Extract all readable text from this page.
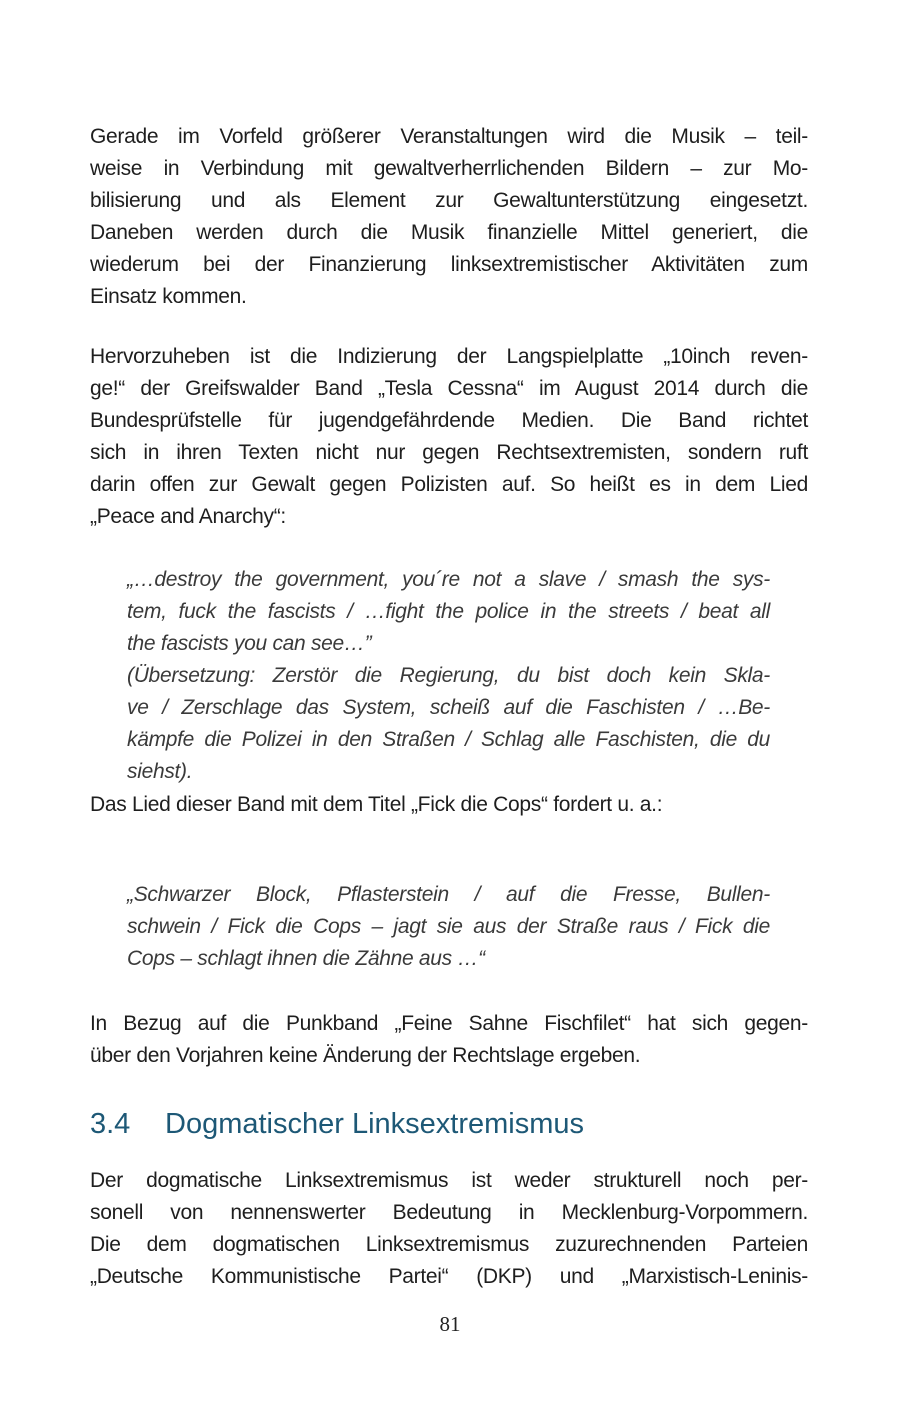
Gerade im Vorfeld größerer Veranstaltungen wird die Musik – teil-
weise in Verbindung mit gewaltverherrlichenden Bildern – zur Mo-
bilisierung und als Element zur Gewaltunterstützung eingesetzt.
Daneben werden durch die Musik finanzielle Mittel generiert, die
wiederum bei der Finanzierung linksextremistischer Aktivitäten zum
Einsatz kommen.
Hervorzuheben ist die Indizierung der Langspielplatte „10inch reven-
ge!“ der Greifswalder Band „Tesla Cessna“ im August 2014 durch die
Bundesprüfstelle für jugendgefährdende Medien. Die Band richtet
sich in ihren Texten nicht nur gegen Rechtsextremisten, sondern ruft
darin offen zur Gewalt gegen Polizisten auf. So heißt es in dem Lied
„Peace and Anarchy“:
„…destroy the government, you´re not a slave / smash the sys-
tem, fuck the fascists / …fight the police in the streets / beat all
the fascists you can see…”
(Übersetzung: Zerstör die Regierung, du bist doch kein Skla-
ve / Zerschlage das System, scheiß auf die Faschisten / …Be-
kämpfe die Polizei in den Straßen / Schlag alle Faschisten, die du
siehst).
Das Lied dieser Band mit dem Titel „Fick die Cops“ fordert u. a.:
„Schwarzer Block, Pflasterstein / auf die Fresse, Bullen-
schwein / Fick die Cops – jagt sie aus der Straße raus / Fick die
Cops – schlagt ihnen die Zähne aus …“
In Bezug auf die Punkband „Feine Sahne Fischfilet“ hat sich gegen-
über den Vorjahren keine Änderung der Rechtslage ergeben.
3.4 Dogmatischer Linksextremismus
Der dogmatische Linksextremismus ist weder strukturell noch per-
sonell von nennenswerter Bedeutung in Mecklenburg-Vorpommern.
Die dem dogmatischen Linksextremismus zuzurechnenden Parteien
„Deutsche Kommunistische Partei“ (DKP) und „Marxistisch-Leninis-
81
